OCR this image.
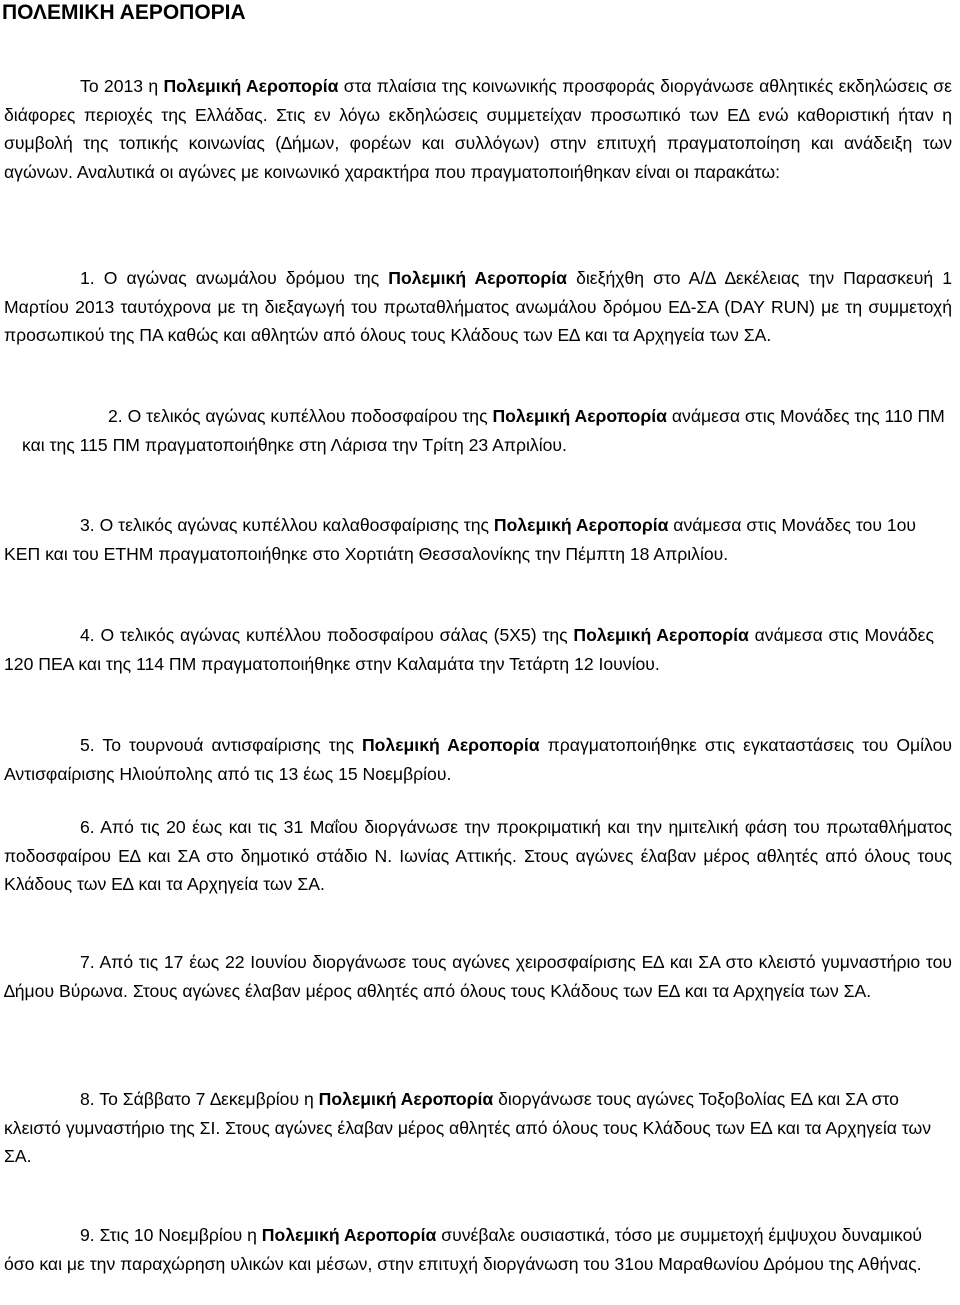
ΠΟΛΕΜΙΚΗ ΑΕΡΟΠΟΡΙΑ

Το 2013 η Πολεμική Αεροπορία στα πλαίσια της κοινωνικής προσφοράς διοργάνωσε αθλητικές εκδηλώσεις σε διάφορες περιοχές της Ελλάδας. Στις εν λόγω εκδηλώσεις συμμετείχαν προσωπικό των Ε∆ ενώ καθοριστική ήταν η συμβολή της τοπικής κοινωνίας (∆ήμων, φορέων και συλλόγων) στην επιτυχή πραγματοποίηση και ανάδειξη των αγώνων. Αναλυτικά οι αγώνες με κοινωνικό χαρακτήρα που πραγματοποιήθηκαν είναι οι παρακάτω:

1. Ο αγώνας ανωμάλου δρόμου της Πολεμική Αεροπορία διεξήχθη στο Α/∆ ∆εκέλειας την Παρασκευή 1 Μαρτίου 2013 ταυτόχρονα με τη διεξαγωγή του πρωταθλήματος ανωμάλου δρόμου Ε∆-ΣΑ (DAY RUN) με τη συμμετοχή προσωπικού της ΠΑ καθώς και αθλητών από όλους τους Κλάδους των Ε∆ και τα Αρχηγεία των ΣΑ.

2. Ο τελικός αγώνας κυπέλλου ποδοσφαίρου της Πολεμική Αεροπορία ανάμεσα στις Μονάδες της 110 ΠΜ και της 115 ΠΜ πραγματοποιήθηκε στη Λάρισα την Τρίτη 23 Απριλίου.

3. Ο τελικός αγώνας κυπέλλου καλαθοσφαίρισης της Πολεμική Αεροπορία ανάμεσα στις Μονάδες του 1ου ΚΕΠ και του ΕΤΗΜ πραγματοποιήθηκε στο Χορτιάτη Θεσσαλονίκης την Πέμπτη 18 Απριλίου.

4. Ο τελικός αγώνας κυπέλλου ποδοσφαίρου σάλας (5Χ5) της Πολεμική Αεροπορία ανάμεσα στις Μονάδες 120 ΠΕΑ και της 114 ΠΜ πραγματοποιήθηκε στην Καλαμάτα την Τετάρτη 12 Ιουνίου.

5. Το τουρνουά αντισφαίρισης της Πολεμική Αεροπορία πραγματοποιήθηκε στις εγκαταστάσεις του Ομίλου Αντισφαίρισης Ηλιούπολης από τις 13 έως 15 Νοεμβρίου.

6. Από τις 20 έως και τις 31 Μαΐου διοργάνωσε την προκριματική και την ημιτελική φάση του πρωταθλήματος ποδοσφαίρου Ε∆ και ΣΑ στο δημοτικό στάδιο Ν. Ιωνίας Αττικής. Στους αγώνες έλαβαν μέρος αθλητές από όλους τους Κλάδους των Ε∆ και τα Αρχηγεία των ΣΑ.

7. Από τις 17 έως 22 Ιουνίου διοργάνωσε τους αγώνες χειροσφαίρισης Ε∆ και ΣΑ στο κλειστό γυμναστήριο του ∆ήμου Βύρωνα. Στους αγώνες έλαβαν μέρος αθλητές από όλους τους Κλάδους των Ε∆ και τα Αρχηγεία των ΣΑ.

8. Το Σάββατο 7 ∆εκεμβρίου η Πολεμική Αεροπορία διοργάνωσε τους αγώνες Τοξοβολίας Ε∆ και ΣΑ στο κλειστό γυμναστήριο της ΣΙ. Στους αγώνες έλαβαν μέρος αθλητές από όλους τους Κλάδους των Ε∆ και τα Αρχηγεία των ΣΑ.

9. Στις 10 Νοεμβρίου η Πολεμική Αεροπορία συνέβαλε ουσιαστικά, τόσο με συμμετοχή έμψυχου δυναμικού όσο και με την παραχώρηση υλικών και μέσων, στην επιτυχή διοργάνωση του 31ου Μαραθωνίου ∆ρόμου της Αθήνας.
